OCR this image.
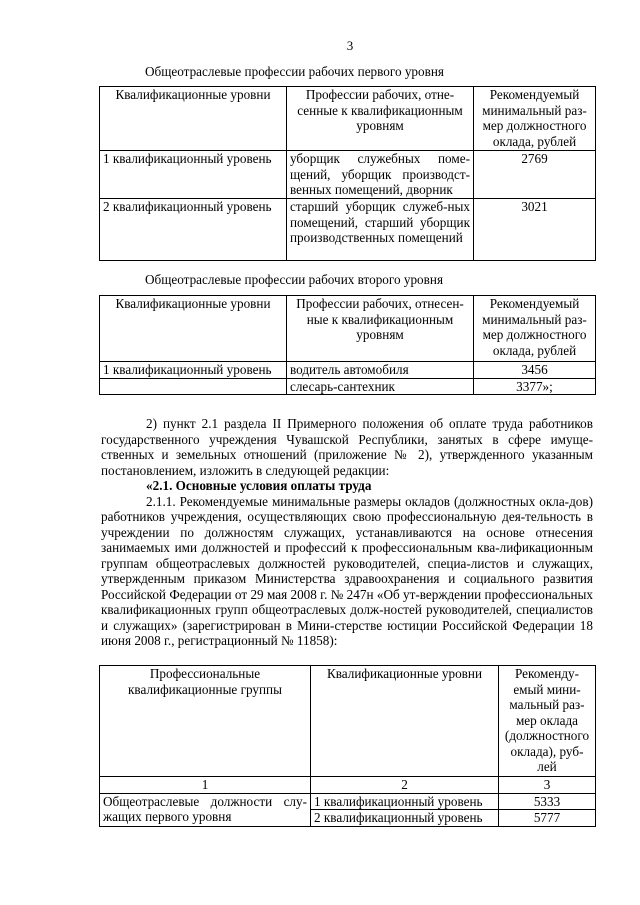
3
Общеотраслевые профессии рабочих первого уровня
Квалификационные уровни	Профессии рабочих, отне-сенные к квалификационным уровням	Рекомендуемый минимальный раз-мер должностного оклада, рублей
1 квалификационный уровень	уборщик служебных поме-щений, уборщик производст-венных помещений, дворник	2769
2 квалификационный уровень	старший уборщик служеб-ных помещений, старший уборщик производственных помещений	3021
Общеотраслевые профессии рабочих второго уровня
Квалификационные уровни	Профессии рабочих, отнесен-ные к квалификационным уровням	Рекомендуемый минимальный раз-мер должностного оклада, рублей
1 квалификационный уровень	водитель автомобиля	3456
	слесарь-сантехник	3377»;

2) пункт 2.1 раздела II Примерного положения об оплате труда работников государственного учреждения Чувашской Республики, занятых в сфере имуще-ственных и земельных отношений (приложение № 2), утвержденного указанным постановлением, изложить в следующей редакции:

«2.1. Основные условия оплаты труда

2.1.1. Рекомендуемые минимальные размеры окладов (должностных окла-дов) работников учреждения, осуществляющих свою профессиональную дея-тельность в учреждении по должностям служащих, устанавливаются на основе отнесения занимаемых ими должностей и профессий к профессиональным ква-лификационным группам общеотраслевых должностей руководителей, специа-листов и служащих, утвержденным приказом Министерства здравоохранения и социального развития Российской Федерации от 29 мая 2008 г. № 247н «Об ут-верждении профессиональных квалификационных групп общеотраслевых долж-ностей руководителей, специалистов и служащих» (зарегистрирован в Мини-стерстве юстиции Российской Федерации 18 июня 2008 г., регистрационный № 11858):

Профессиональные квалификационные группы	Квалификационные уровни	Рекоменду-емый мини-мальный раз-мер оклада (должностного оклада), руб-лей
1	2	3
Общеотраслевые должности слу-жащих первого уровня	1 квалификационный уровень	5333
	2 квалификационный уровень	5777
